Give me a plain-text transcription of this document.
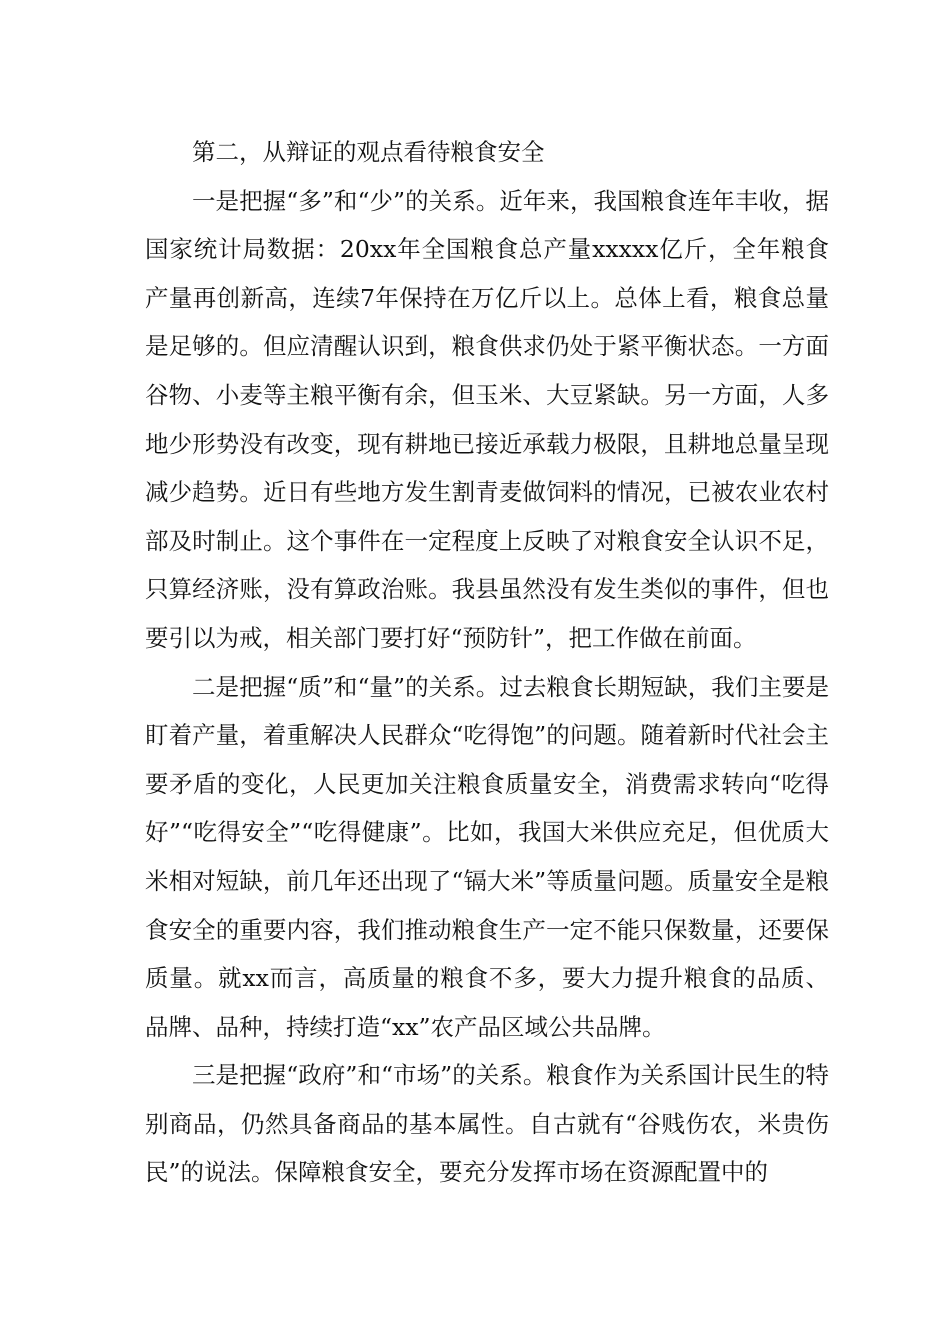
第二，从辩证的观点看待粮食安全

一是把握“多”和“少”的关系。近年来，我国粮食连年丰收，据国家统计局数据：20xx年全国粮食总产量xxxxx亿斤，全年粮食产量再创新高，连续7年保持在万亿斤以上。总体上看，粮食总量是足够的。但应清醒认识到，粮食供求仍处于紧平衡状态。一方面谷物、小麦等主粮平衡有余，但玉米、大豆紧缺。另一方面，人多地少形势没有改变，现有耕地已接近承载力极限，且耕地总量呈现减少趋势。近日有些地方发生割青麦做饲料的情况，已被农业农村部及时制止。这个事件在一定程度上反映了对粮食安全认识不足，只算经济账，没有算政治账。我县虽然没有发生类似的事件，但也要引以为戒，相关部门要打好“预防针”，把工作做在前面。

二是把握“质”和“量”的关系。过去粮食长期短缺，我们主要是盯着产量，着重解决人民群众“吃得饱”的问题。随着新时代社会主要矛盾的变化，人民更加关注粮食质量安全，消费需求转向“吃得好”“吃得安全”“吃得健康”。比如，我国大米供应充足，但优质大米相对短缺，前几年还出现了“镉大米”等质量问题。质量安全是粮食安全的重要内容，我们推动粮食生产一定不能只保数量，还要保质量。就xx而言，高质量的粮食不多，要大力提升粮食的品质、品牌、品种，持续打造“xx”农产品区域公共品牌。

三是把握“政府”和“市场”的关系。粮食作为关系国计民生的特别商品，仍然具备商品的基本属性。自古就有“谷贱伤农，米贵伤民”的说法。保障粮食安全，要充分发挥市场在资源配置中的
